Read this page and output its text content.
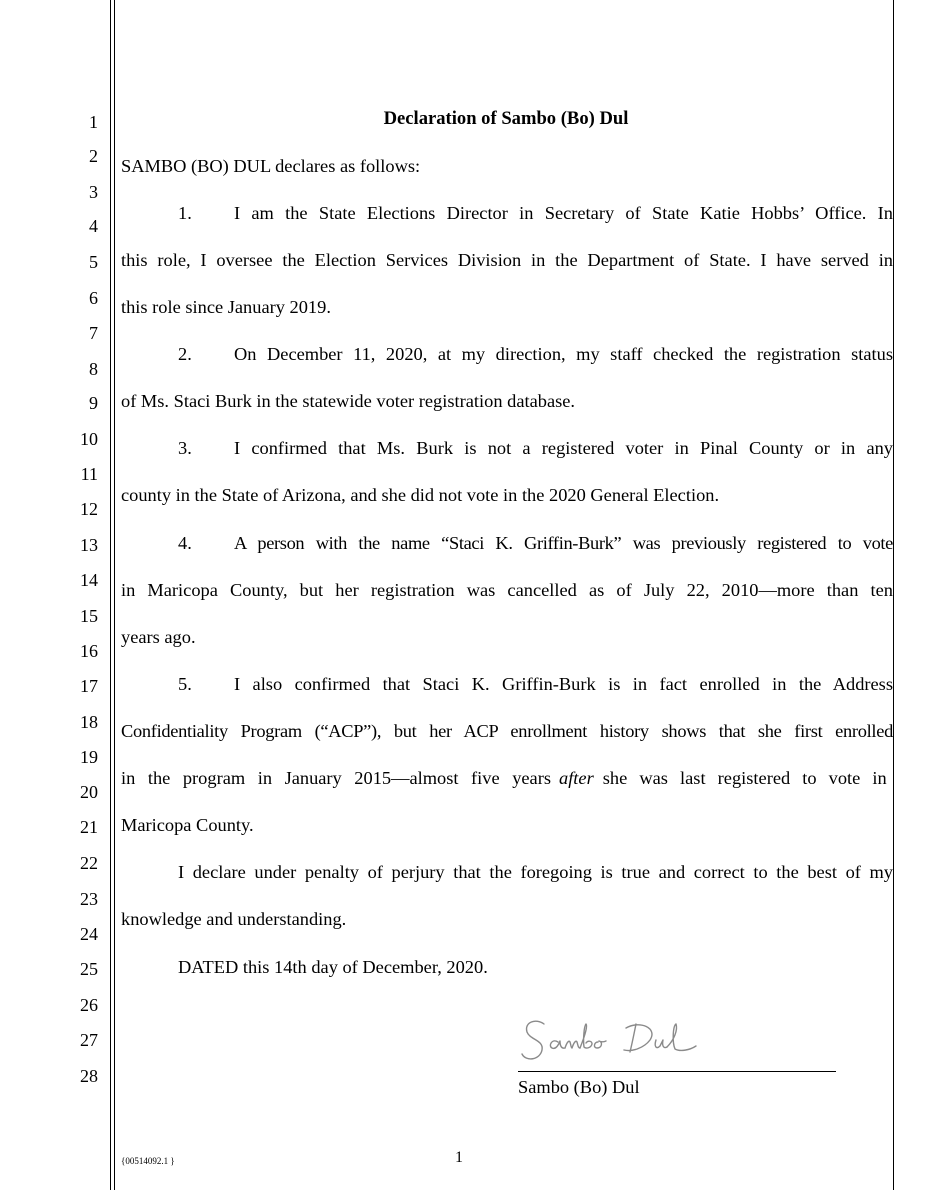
1
2
3
4
5
6
7
8
9
10
11
12
13
14
15
16
17
18
19
20
21
22
23
24
25
26
27
28
Declaration of Sambo (Bo) Dul
SAMBO (BO) DUL declares as follows:
1. I am the State Elections Director in Secretary of State Katie Hobbs’ Office. In
this role, I oversee the Election Services Division in the Department of State. I have served in
this role since January 2019.
2. On December 11, 2020, at my direction, my staff checked the registration status
of Ms. Staci Burk in the statewide voter registration database.
3. I confirmed that Ms. Burk is not a registered voter in Pinal County or in any
county in the State of Arizona, and she did not vote in the 2020 General Election.
4. A person with the name “Staci K. Griffin-Burk” was previously registered to vote
in Maricopa County, but her registration was cancelled as of July 22, 2010—more than ten
years ago.
5. I also confirmed that Staci K. Griffin-Burk is in fact enrolled in the Address
Confidentiality Program (“ACP”), but her ACP enrollment history shows that she first enrolled
in the program in January 2015—almost five years after she was last registered to vote in
Maricopa County.
I declare under penalty of perjury that the foregoing is true and correct to the best of my
knowledge and understanding.
DATED this 14th day of December, 2020.
Sambo (Bo) Dul
{00514092.1 }	1
